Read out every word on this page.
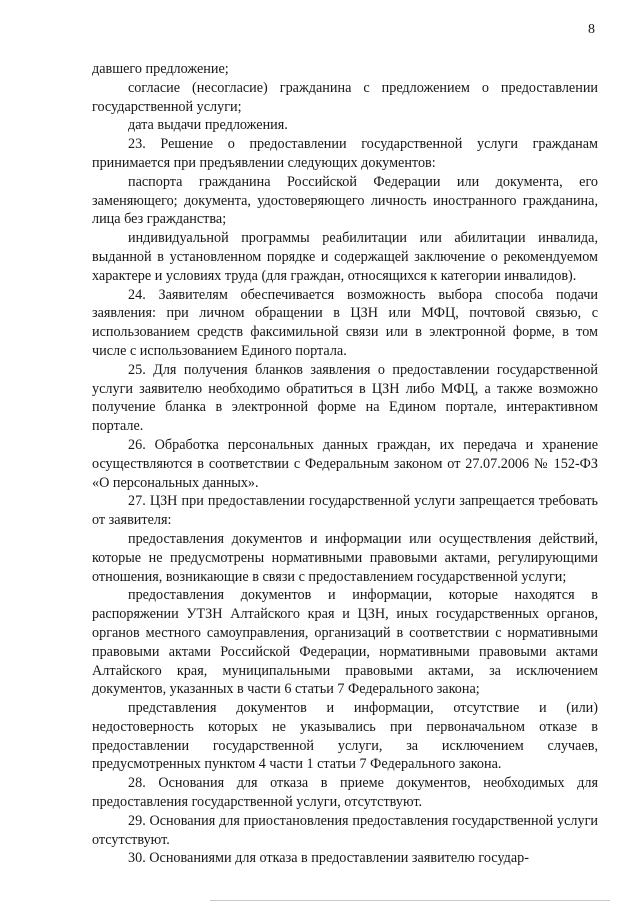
8

давшего предложение;

согласие (несогласие) гражданина с предложением о предоставлении государственной услуги;

дата выдачи предложения.

23. Решение о предоставлении государственной услуги гражданам принимается при предъявлении следующих документов:

паспорта гражданина Российской Федерации или документа, его заменяющего; документа, удостоверяющего личность иностранного гражданина, лица без гражданства;

индивидуальной программы реабилитации или абилитации инвалида, выданной в установленном порядке и содержащей заключение о рекомендуемом характере и условиях труда (для граждан, относящихся к категории инвалидов).

24. Заявителям обеспечивается возможность выбора способа подачи заявления: при личном обращении в ЦЗН или МФЦ, почтовой связью, с использованием средств факсимильной связи или в электронной форме, в том числе с использованием Единого портала.

25. Для получения бланков заявления о предоставлении государственной услуги заявителю необходимо обратиться в ЦЗН либо МФЦ, а также возможно получение бланка в электронной форме на Едином портале, интерактивном портале.

26. Обработка персональных данных граждан, их передача и хранение осуществляются в соответствии с Федеральным законом от 27.07.2006 № 152-ФЗ «О персональных данных».

27. ЦЗН при предоставлении государственной услуги запрещается требовать от заявителя:

предоставления документов и информации или осуществления действий, которые не предусмотрены нормативными правовыми актами, регулирующими отношения, возникающие в связи с предоставлением государственной услуги;

предоставления документов и информации, которые находятся в распоряжении УТЗН Алтайского края и ЦЗН, иных государственных органов, органов местного самоуправления, организаций в соответствии с нормативными правовыми актами Российской Федерации, нормативными правовыми актами Алтайского края, муниципальными правовыми актами, за исключением документов, указанных в части 6 статьи 7 Федерального закона;

представления документов и информации, отсутствие и (или) недостоверность которых не указывались при первоначальном отказе в предоставлении государственной услуги, за исключением случаев, предусмотренных пунктом 4 части 1 статьи 7 Федерального закона.

28. Основания для отказа в приеме документов, необходимых для предоставления государственной услуги, отсутствуют.

29. Основания для приостановления предоставления государственной услуги отсутствуют.

30. Основаниями для отказа в предоставлении заявителю государ-
